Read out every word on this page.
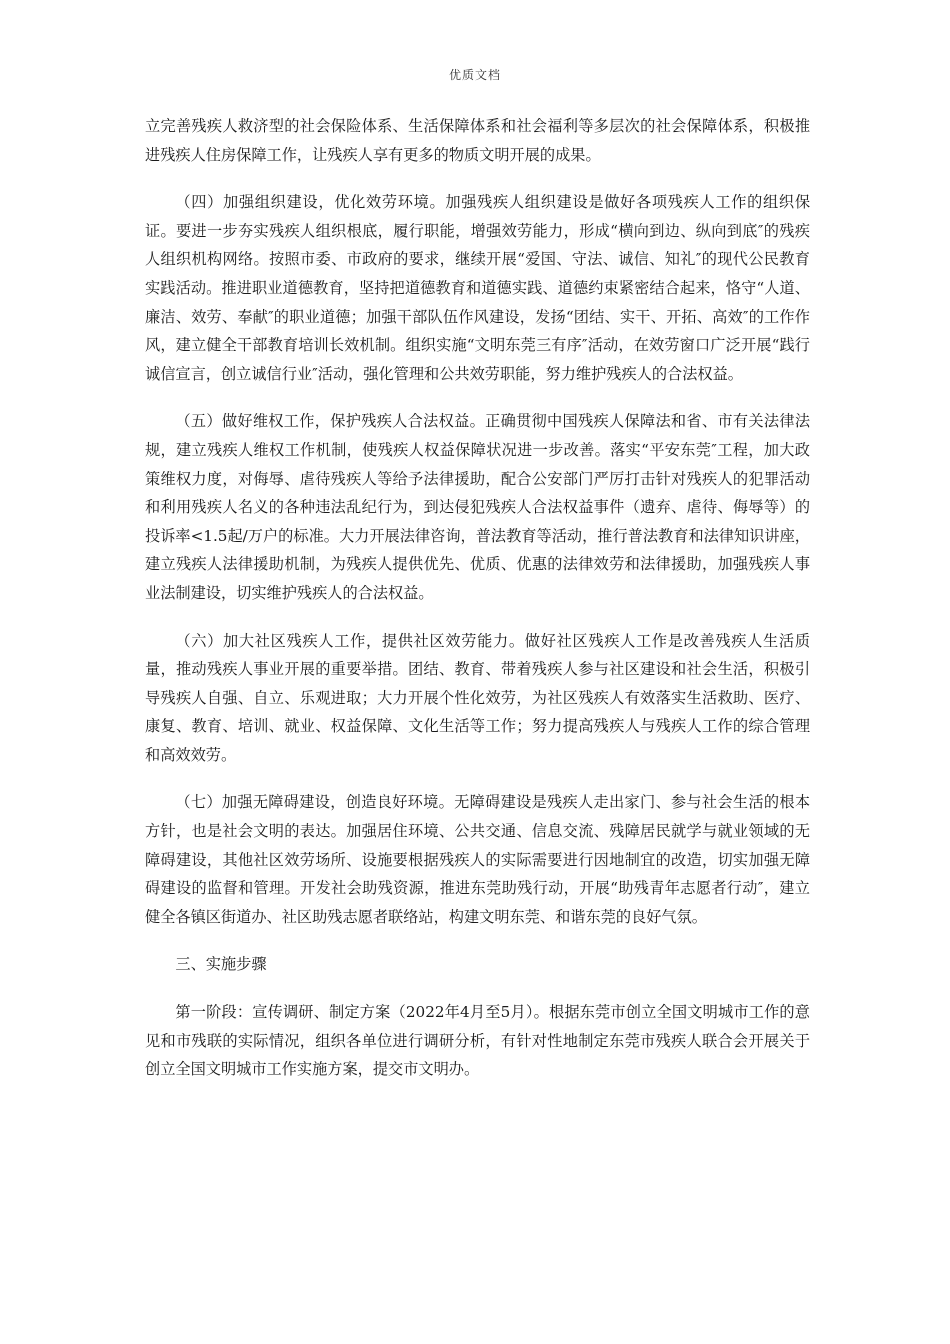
优质文档

立完善残疾人救济型的社会保险体系、生活保障体系和社会福利等多层次的社会保障体系，积极推进残疾人住房保障工作，让残疾人享有更多的物质文明开展的成果。

（四）加强组织建设，优化效劳环境。加强残疾人组织建设是做好各项残疾人工作的组织保证。要进一步夯实残疾人组织根底，履行职能，增强效劳能力，形成“横向到边、纵向到底″的残疾人组织机构网络。按照市委、市政府的要求，继续开展“爱国、守法、诚信、知礼″的现代公民教育实践活动。推进职业道德教育，坚持把道德教育和道德实践、道德约束紧密结合起来，恪守“人道、廉洁、效劳、奉献″的职业道德；加强干部队伍作风建设，发扬“团结、实干、开拓、高效″的工作作风，建立健全干部教育培训长效机制。组织实施“文明东莞三有序″活动，在效劳窗口广泛开展“践行诚信宣言，创立诚信行业″活动，强化管理和公共效劳职能，努力维护残疾人的合法权益。

（五）做好维权工作，保护残疾人合法权益。正确贯彻中国残疾人保障法和省、市有关法律法规，建立残疾人维权工作机制，使残疾人权益保障状况进一步改善。落实“平安东莞″工程，加大政策维权力度，对侮辱、虐待残疾人等给予法律援助，配合公安部门严厉打击针对残疾人的犯罪活动和利用残疾人名义的各种违法乱纪行为，到达侵犯残疾人合法权益事件（遗弃、虐待、侮辱等）的投诉率<1.5起/万户的标准。大力开展法律咨询，普法教育等活动，推行普法教育和法律知识讲座，建立残疾人法律援助机制，为残疾人提供优先、优质、优惠的法律效劳和法律援助，加强残疾人事业法制建设，切实维护残疾人的合法权益。

（六）加大社区残疾人工作，提供社区效劳能力。做好社区残疾人工作是改善残疾人生活质量，推动残疾人事业开展的重要举措。团结、教育、带着残疾人参与社区建设和社会生活，积极引导残疾人自强、自立、乐观进取；大力开展个性化效劳，为社区残疾人有效落实生活救助、医疗、康复、教育、培训、就业、权益保障、文化生活等工作；努力提高残疾人与残疾人工作的综合管理和高效效劳。

（七）加强无障碍建设，创造良好环境。无障碍建设是残疾人走出家门、参与社会生活的根本方针，也是社会文明的表达。加强居住环境、公共交通、信息交流、残障居民就学与就业领域的无障碍建设，其他社区效劳场所、设施要根据残疾人的实际需要进行因地制宜的改造，切实加强无障碍建设的监督和管理。开发社会助残资源，推进东莞助残行动，开展“助残青年志愿者行动″，建立健全各镇区街道办、社区助残志愿者联络站，构建文明东莞、和谐东莞的良好气氛。

三、实施步骤

第一阶段：宣传调研、制定方案（2022年4月至5月）。根据东莞市创立全国文明城市工作的意见和市残联的实际情况，组织各单位进行调研分析，有针对性地制定东莞市残疾人联合会开展关于创立全国文明城市工作实施方案，提交市文明办。
